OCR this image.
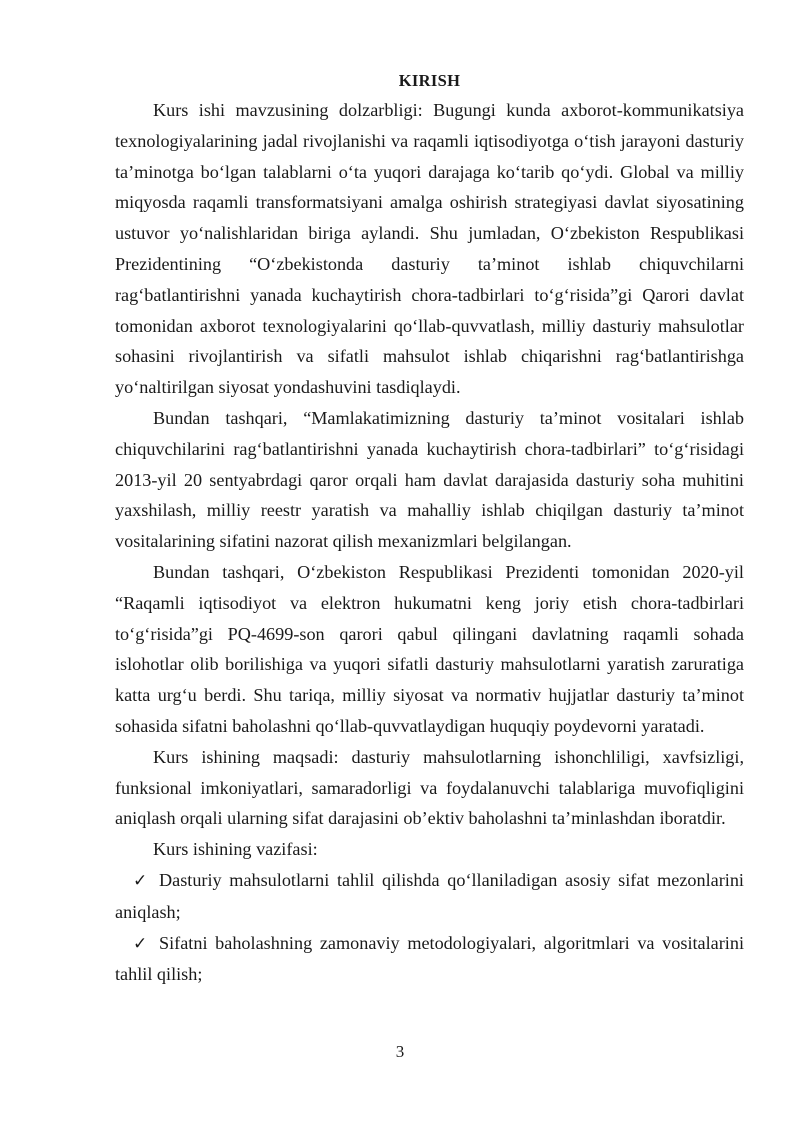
KIRISH

Kurs ishi mavzusining dolzarbligi: Bugungi kunda axborot-kommunikatsiya texnologiyalarining jadal rivojlanishi va raqamli iqtisodiyotga o‘tish jarayoni dasturiy ta’minotga bo‘lgan talablarni o‘ta yuqori darajaga ko‘tarib qo‘ydi. Global va milliy miqyosda raqamli transformatsiyani amalga oshirish strategiyasi davlat siyosatining ustuvor yo‘nalishlaridan biriga aylandi. Shu jumladan, O‘zbekiston Respublikasi Prezidentining “O‘zbekistonda dasturiy ta’minot ishlab chiquvchilarni rag‘batlantirishni yanada kuchaytirish chora-tadbirlari to‘g‘risida”gi Qarori davlat tomonidan axborot texnologiyalarini qo‘llab-quvvatlash, milliy dasturiy mahsulotlar sohasini rivojlantirish va sifatli mahsulot ishlab chiqarishni rag‘batlantirishga yo‘naltirilgan siyosat yondashuvini tasdiqlaydi.

Bundan tashqari, “Mamlakatimizning dasturiy ta’minot vositalari ishlab chiquvchilarini rag‘batlantirishni yanada kuchaytirish chora-tadbirlari” to‘g‘risidagi 2013-yil 20 sentyabrdagi qaror orqali ham davlat darajasida dasturiy soha muhitini yaxshilash, milliy reestr yaratish va mahalliy ishlab chiqilgan dasturiy ta’minot vositalarining sifatini nazorat qilish mexanizmlari belgilangan.

Bundan tashqari, O‘zbekiston Respublikasi Prezidenti tomonidan 2020-yil “Raqamli iqtisodiyot va elektron hukumatni keng joriy etish chora-tadbirlari to‘g‘risida”gi PQ-4699-son qarori qabul qilingani davlatning raqamli sohada islohotlar olib borilishiga va yuqori sifatli dasturiy mahsulotlarni yaratish zaruratiga katta urg‘u berdi. Shu tariqa, milliy siyosat va normativ hujjatlar dasturiy ta’minot sohasida sifatni baholashni qo‘llab-quvvatlaydigan huquqiy poydevorni yaratadi.

Kurs ishining maqsadi: dasturiy mahsulotlarning ishonchliligi, xavfsizligi, funksional imkoniyatlari, samaradorligi va foydalanuvchi talablariga muvofiqligini aniqlash orqali ularning sifat darajasini ob’ektiv baholashni ta’minlashdan iboratdir.

Kurs ishining vazifasi:

✓ Dasturiy mahsulotlarni tahlil qilishda qo‘llaniladigan asosiy sifat mezonlarini aniqlash;
✓ Sifatni baholashning zamonaviy metodologiyalari, algoritmlari va vositalarini tahlil qilish;
3
